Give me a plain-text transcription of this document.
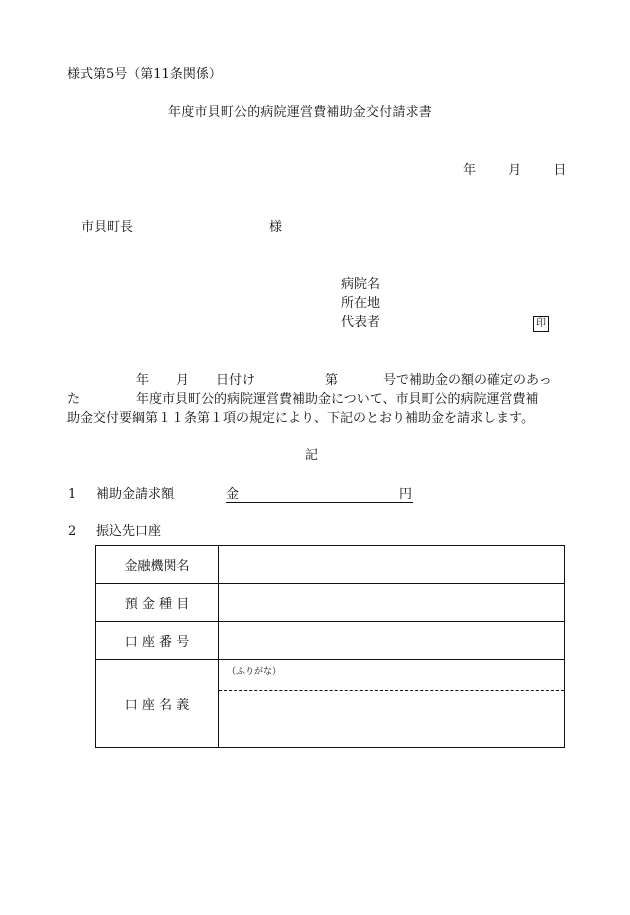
様式第5号（第11条関係）
年度市貝町公的病院運営費補助金交付請求書
年 月 日
市貝町長	様
病院名
所在地
代表者	印
年 月 日付け	第	号で補助金の額の確定のあっ
た	年度市貝町公的病院運営費補助金について、市貝町公的病院運営費補
助金交付要綱第１１条第１項の規定により、下記のとおり補助金を請求します。
記
1 補助金請求額	金	円
2 振込先口座
金融機関名	
預 金 種 目	
口 座 番 号	
口 座 名 義	（ふりがな）
